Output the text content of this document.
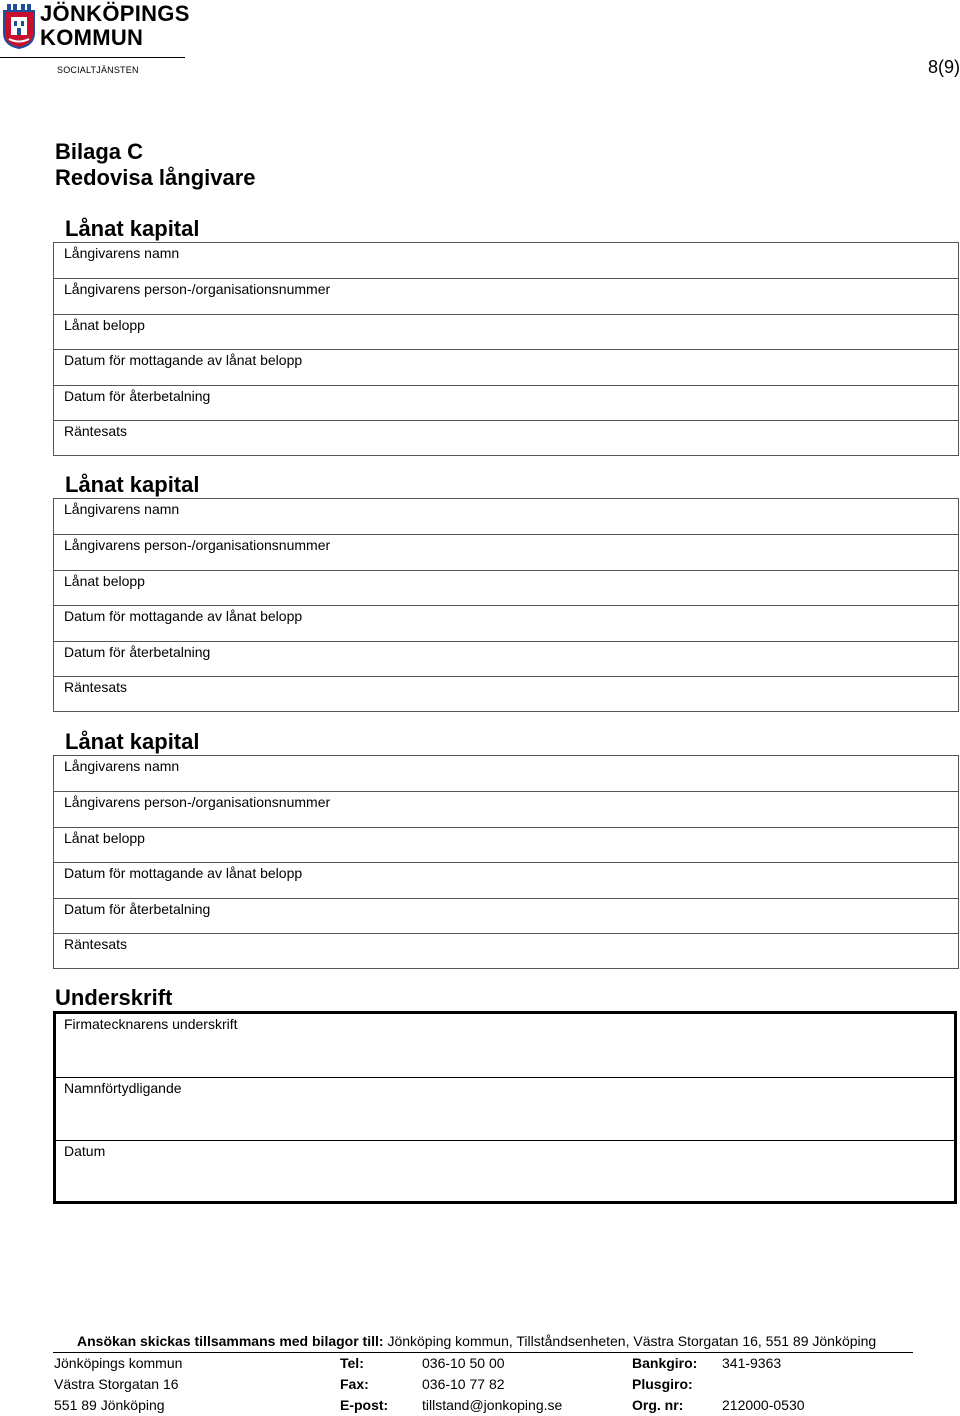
JÖNKÖPINGS
KOMMUN
SOCIALTJÄNSTEN	8(9)
Bilaga C
Redovisa långivare
Lånat kapital
Långivarens namn
Långivarens person-/organisationsnummer
Lånat belopp
Datum för mottagande av lånat belopp
Datum för återbetalning
Räntesats
Lånat kapital
Långivarens namn
Långivarens person-/organisationsnummer
Lånat belopp
Datum för mottagande av lånat belopp
Datum för återbetalning
Räntesats
Lånat kapital
Långivarens namn
Långivarens person-/organisationsnummer
Lånat belopp
Datum för mottagande av lånat belopp
Datum för återbetalning
Räntesats
Underskrift
Firmatecknarens underskrift
Namnförtydligande
Datum
Ansökan skickas tillsammans med bilagor till: Jönköping kommun, Tillståndsenheten, Västra Storgatan 16, 551 89 Jönköping
Jönköpings kommun
Västra Storgatan 16
551 89 Jönköping
Tel:
Fax:
E-post:
036-10 50 00
036-10 77 82
tillstand@jonkoping.se
Bankgiro:
Plusgiro:
Org. nr:
341-9363
212000-0530
